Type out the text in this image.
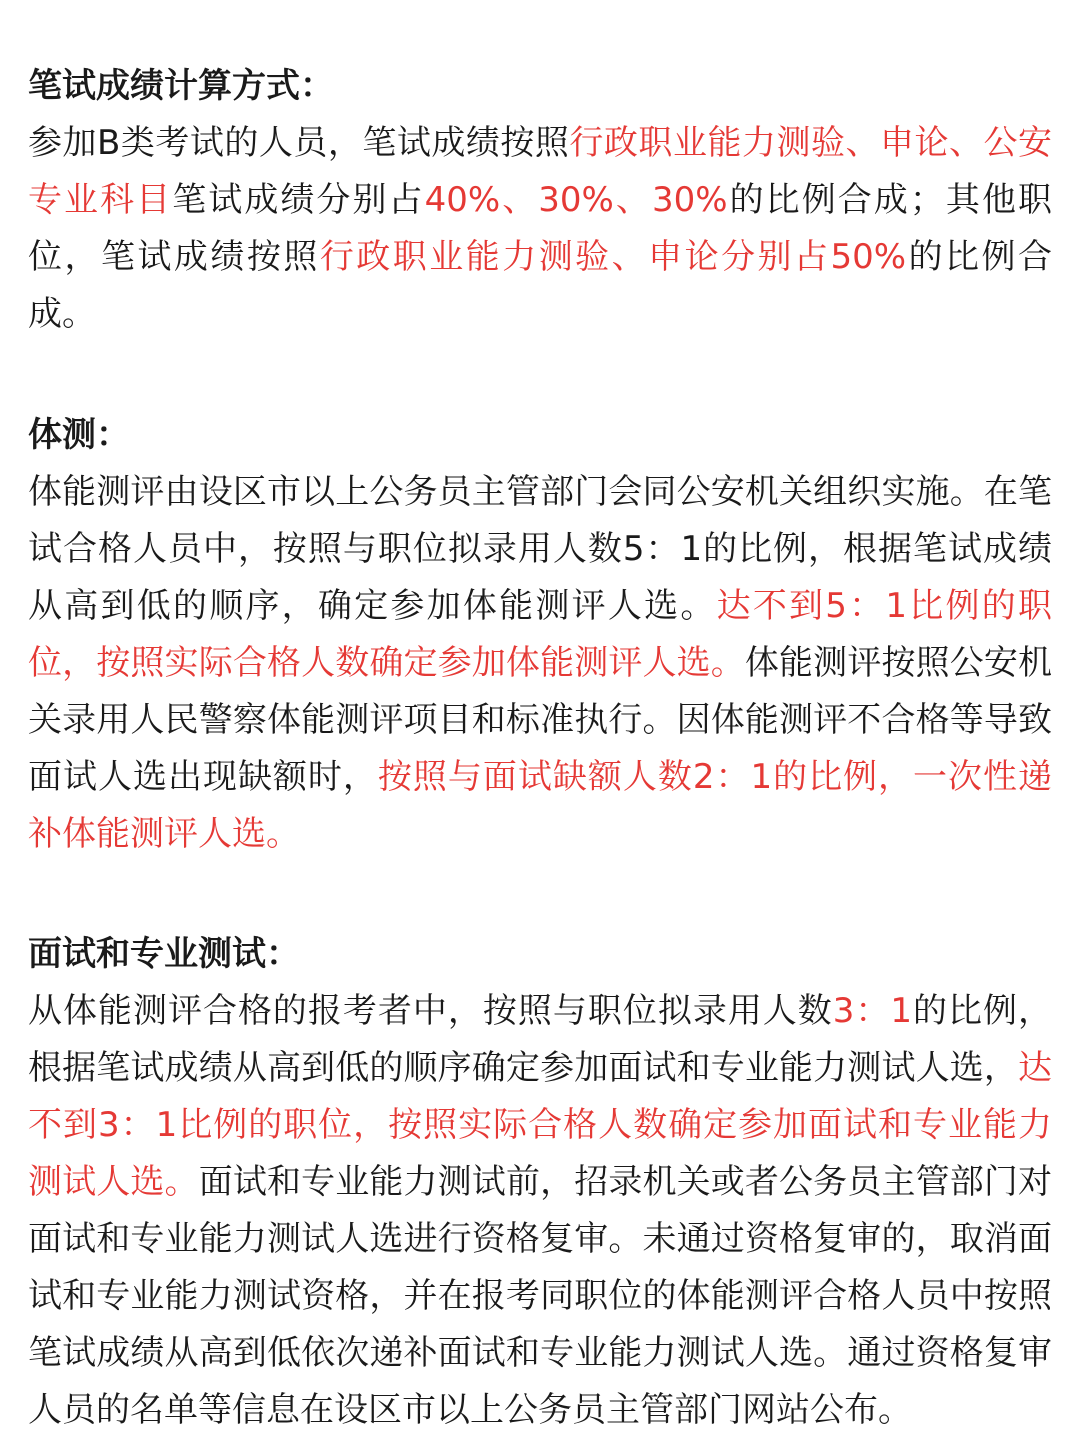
笔试成绩计算方式：

参加B类考试的人员，笔试成绩按照行政职业能力测验、申论、公安专业科目笔试成绩分别占40%、30%、30%的比例合成；其他职位，笔试成绩按照行政职业能力测验、申论分别占50%的比例合成。

体测：

体能测评由设区市以上公务员主管部门会同公安机关组织实施。在笔试合格人员中，按照与职位拟录用人数5：1的比例，根据笔试成绩从高到低的顺序，确定参加体能测评人选。达不到5：1比例的职位，按照实际合格人数确定参加体能测评人选。体能测评按照公安机关录用人民警察体能测评项目和标准执行。因体能测评不合格等导致面试人选出现缺额时，按照与面试缺额人数2：1的比例，一次性递补体能测评人选。

面试和专业测试：

从体能测评合格的报考者中，按照与职位拟录用人数3：1的比例，根据笔试成绩从高到低的顺序确定参加面试和专业能力测试人选，达不到3：1比例的职位，按照实际合格人数确定参加面试和专业能力测试人选。面试和专业能力测试前，招录机关或者公务员主管部门对面试和专业能力测试人选进行资格复审。未通过资格复审的，取消面试和专业能力测试资格，并在报考同职位的体能测评合格人员中按照笔试成绩从高到低依次递补面试和专业能力测试人选。通过资格复审人员的名单等信息在设区市以上公务员主管部门网站公布。
